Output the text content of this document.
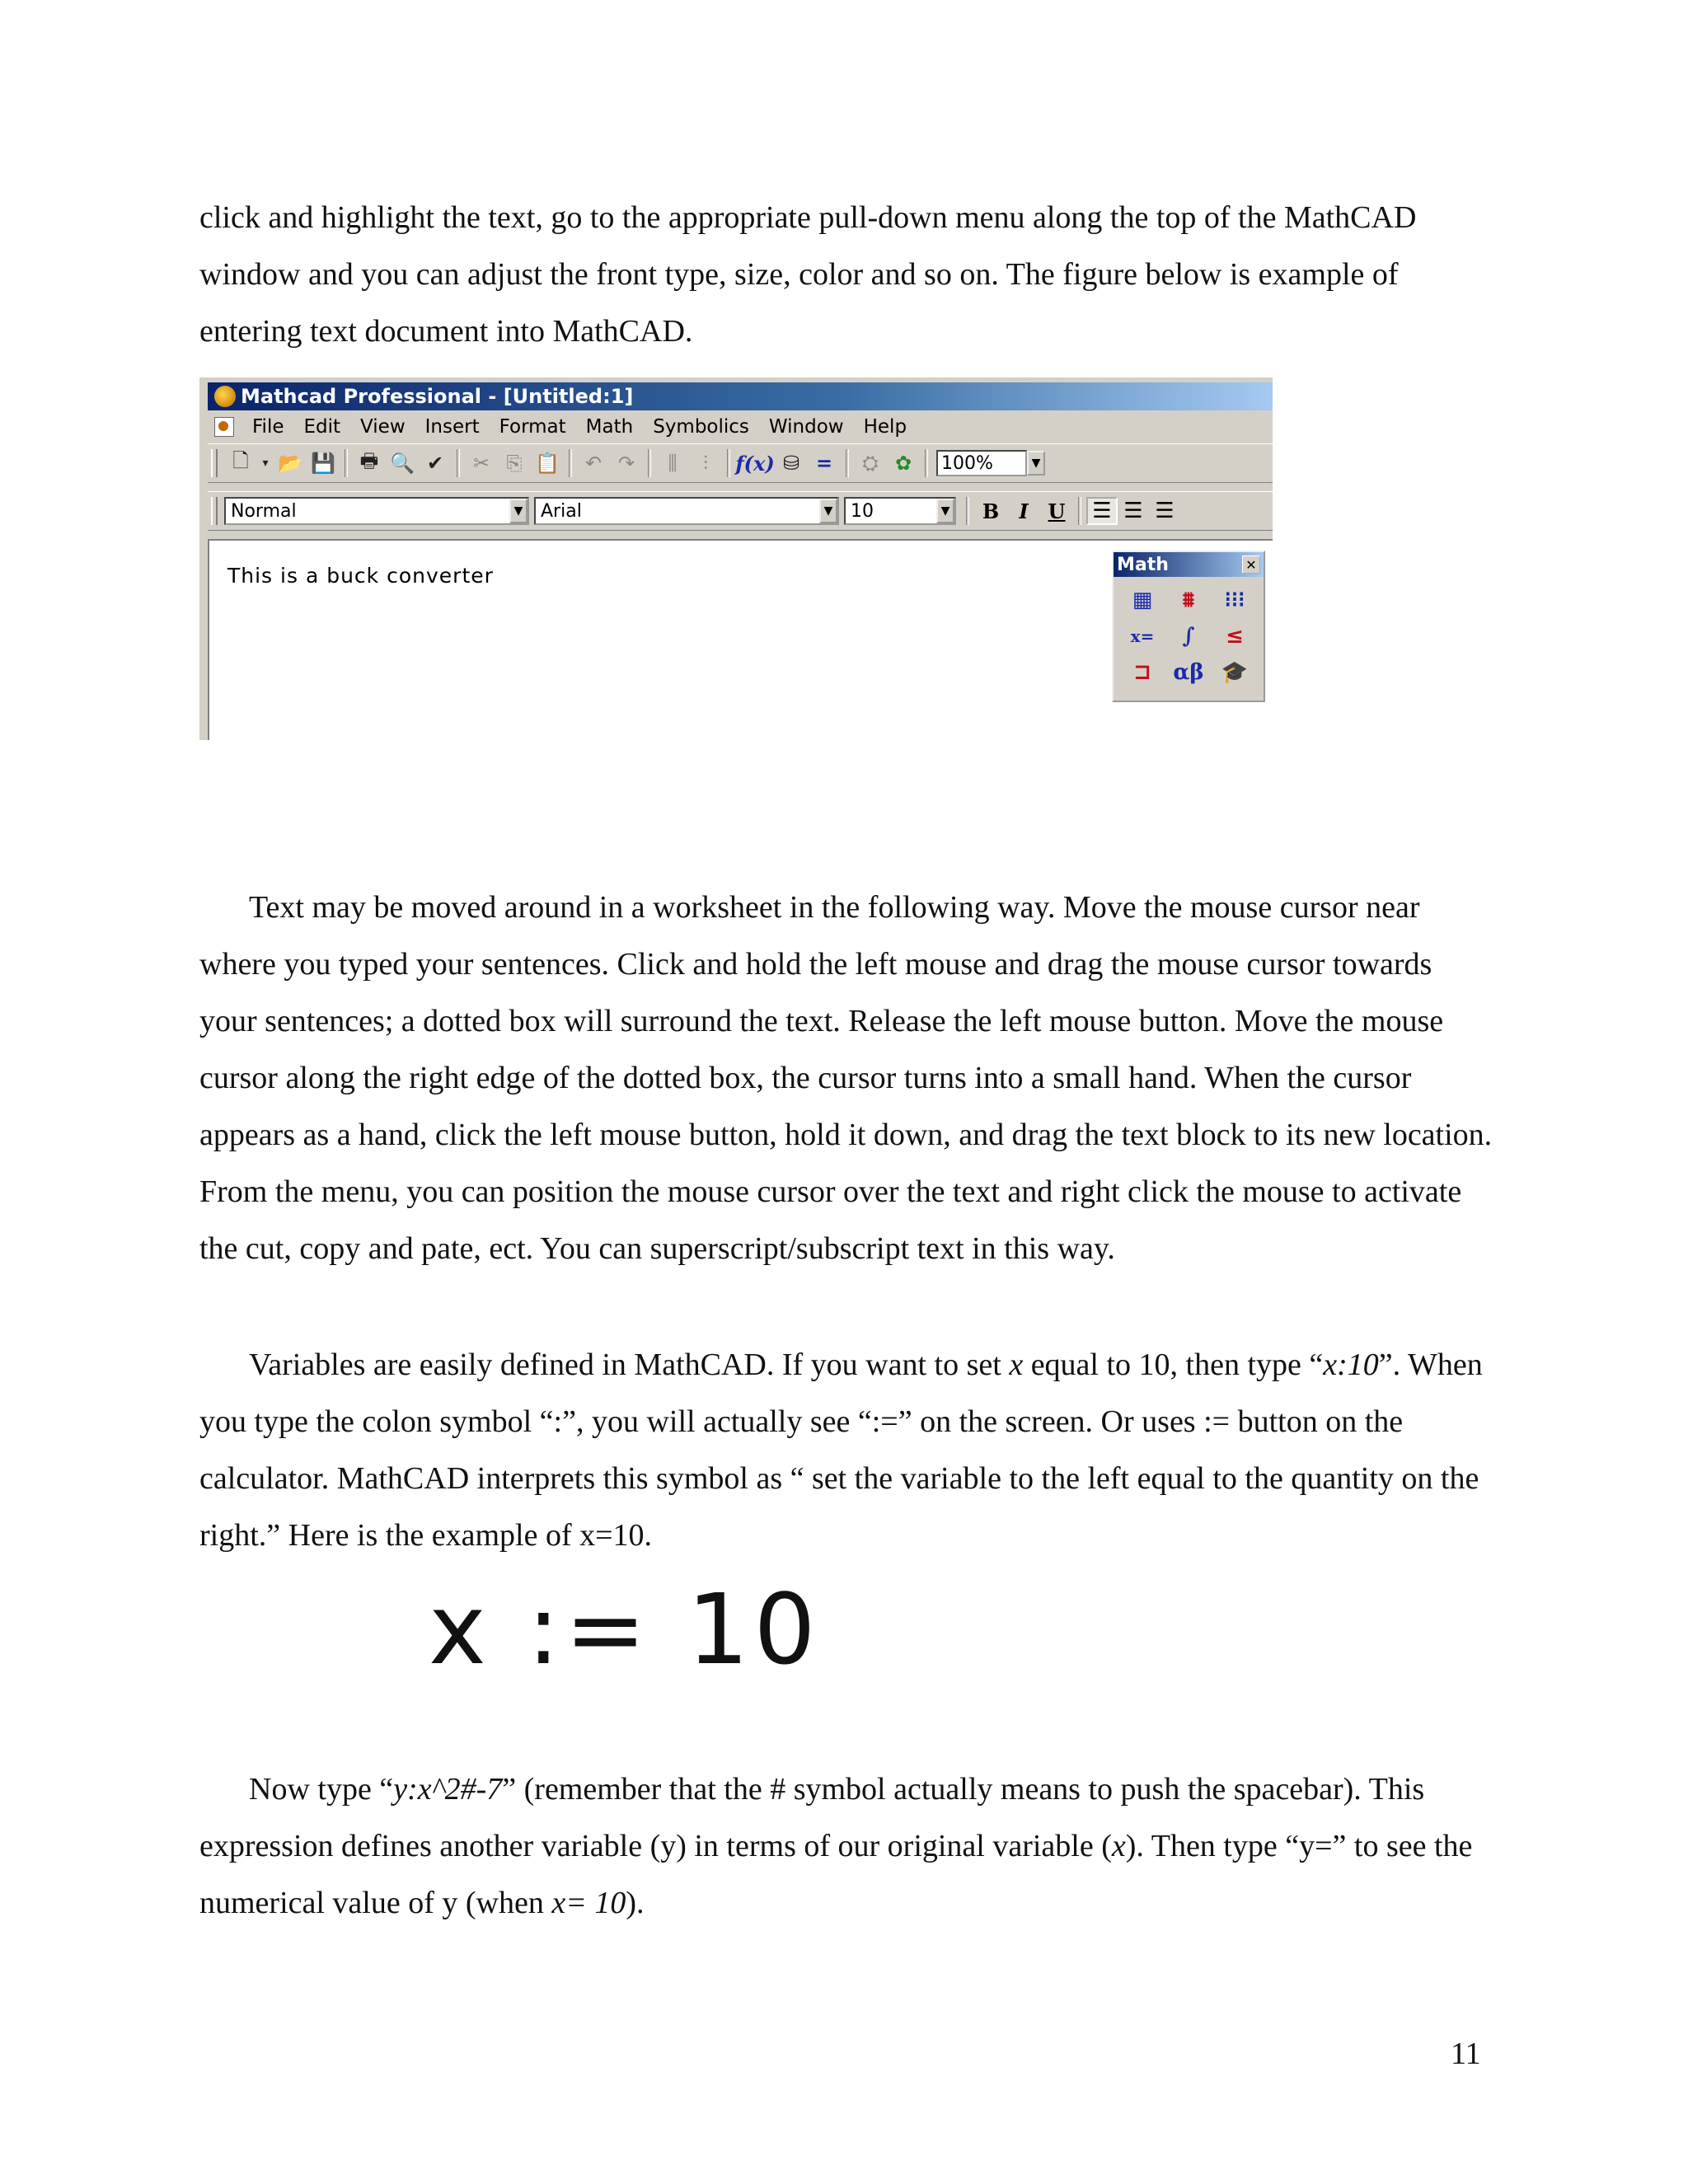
click and highlight the text, go to the appropriate pull-down menu along the top of the MathCAD window and you can adjust the front type, size, color and so on. The figure below is example of entering text document into MathCAD.

Mathcad Professional - [Untitled:1]
File	Edit	View	Insert	Format	Math	Symbolics	Window	Help
🗋	▾ 📂 💾 🖶 🔍 ✔ ✂ ⎘ 📋 ↶ ↷	⫼	⫶	f(x) ⛁ =	⛭ ✿	100%	▼
Normal	▼ Arial	▼ 10	▼	B	I U	☰ ☰ ☰
This is a buck converter	Math	✕
▦	⩩	⁝⁝⁝
x=	∫	≤
⊐	αβ 🎓

Text may be moved around in a worksheet in the following way. Move the mouse cursor near where you typed your sentences. Click and hold the left mouse and drag the mouse cursor towards your sentences; a dotted box will surround the text. Release the left mouse button. Move the mouse cursor along the right edge of the dotted box, the cursor turns into a small hand. When the cursor appears as a hand, click the left mouse button, hold it down, and drag the text block to its new location. From the menu, you can position the mouse cursor over the text and right click the mouse to activate the cut, copy and pate, ect. You can superscript/subscript text in this way.

Variables are easily defined in MathCAD. If you want to set x equal to 10, then type “x:10”. When you type the colon symbol “:”, you will actually see “:=” on the screen. Or uses := button on the calculator. MathCAD interprets this symbol as “ set the variable to the left equal to the quantity on the right.” Here is the example of x=10.

x := 10

Now type “y:x^2#-7” (remember that the # symbol actually means to push the spacebar). This expression defines another variable (y) in terms of our original variable (x). Then type “y=” to see the numerical value of y (when x= 10).

11
